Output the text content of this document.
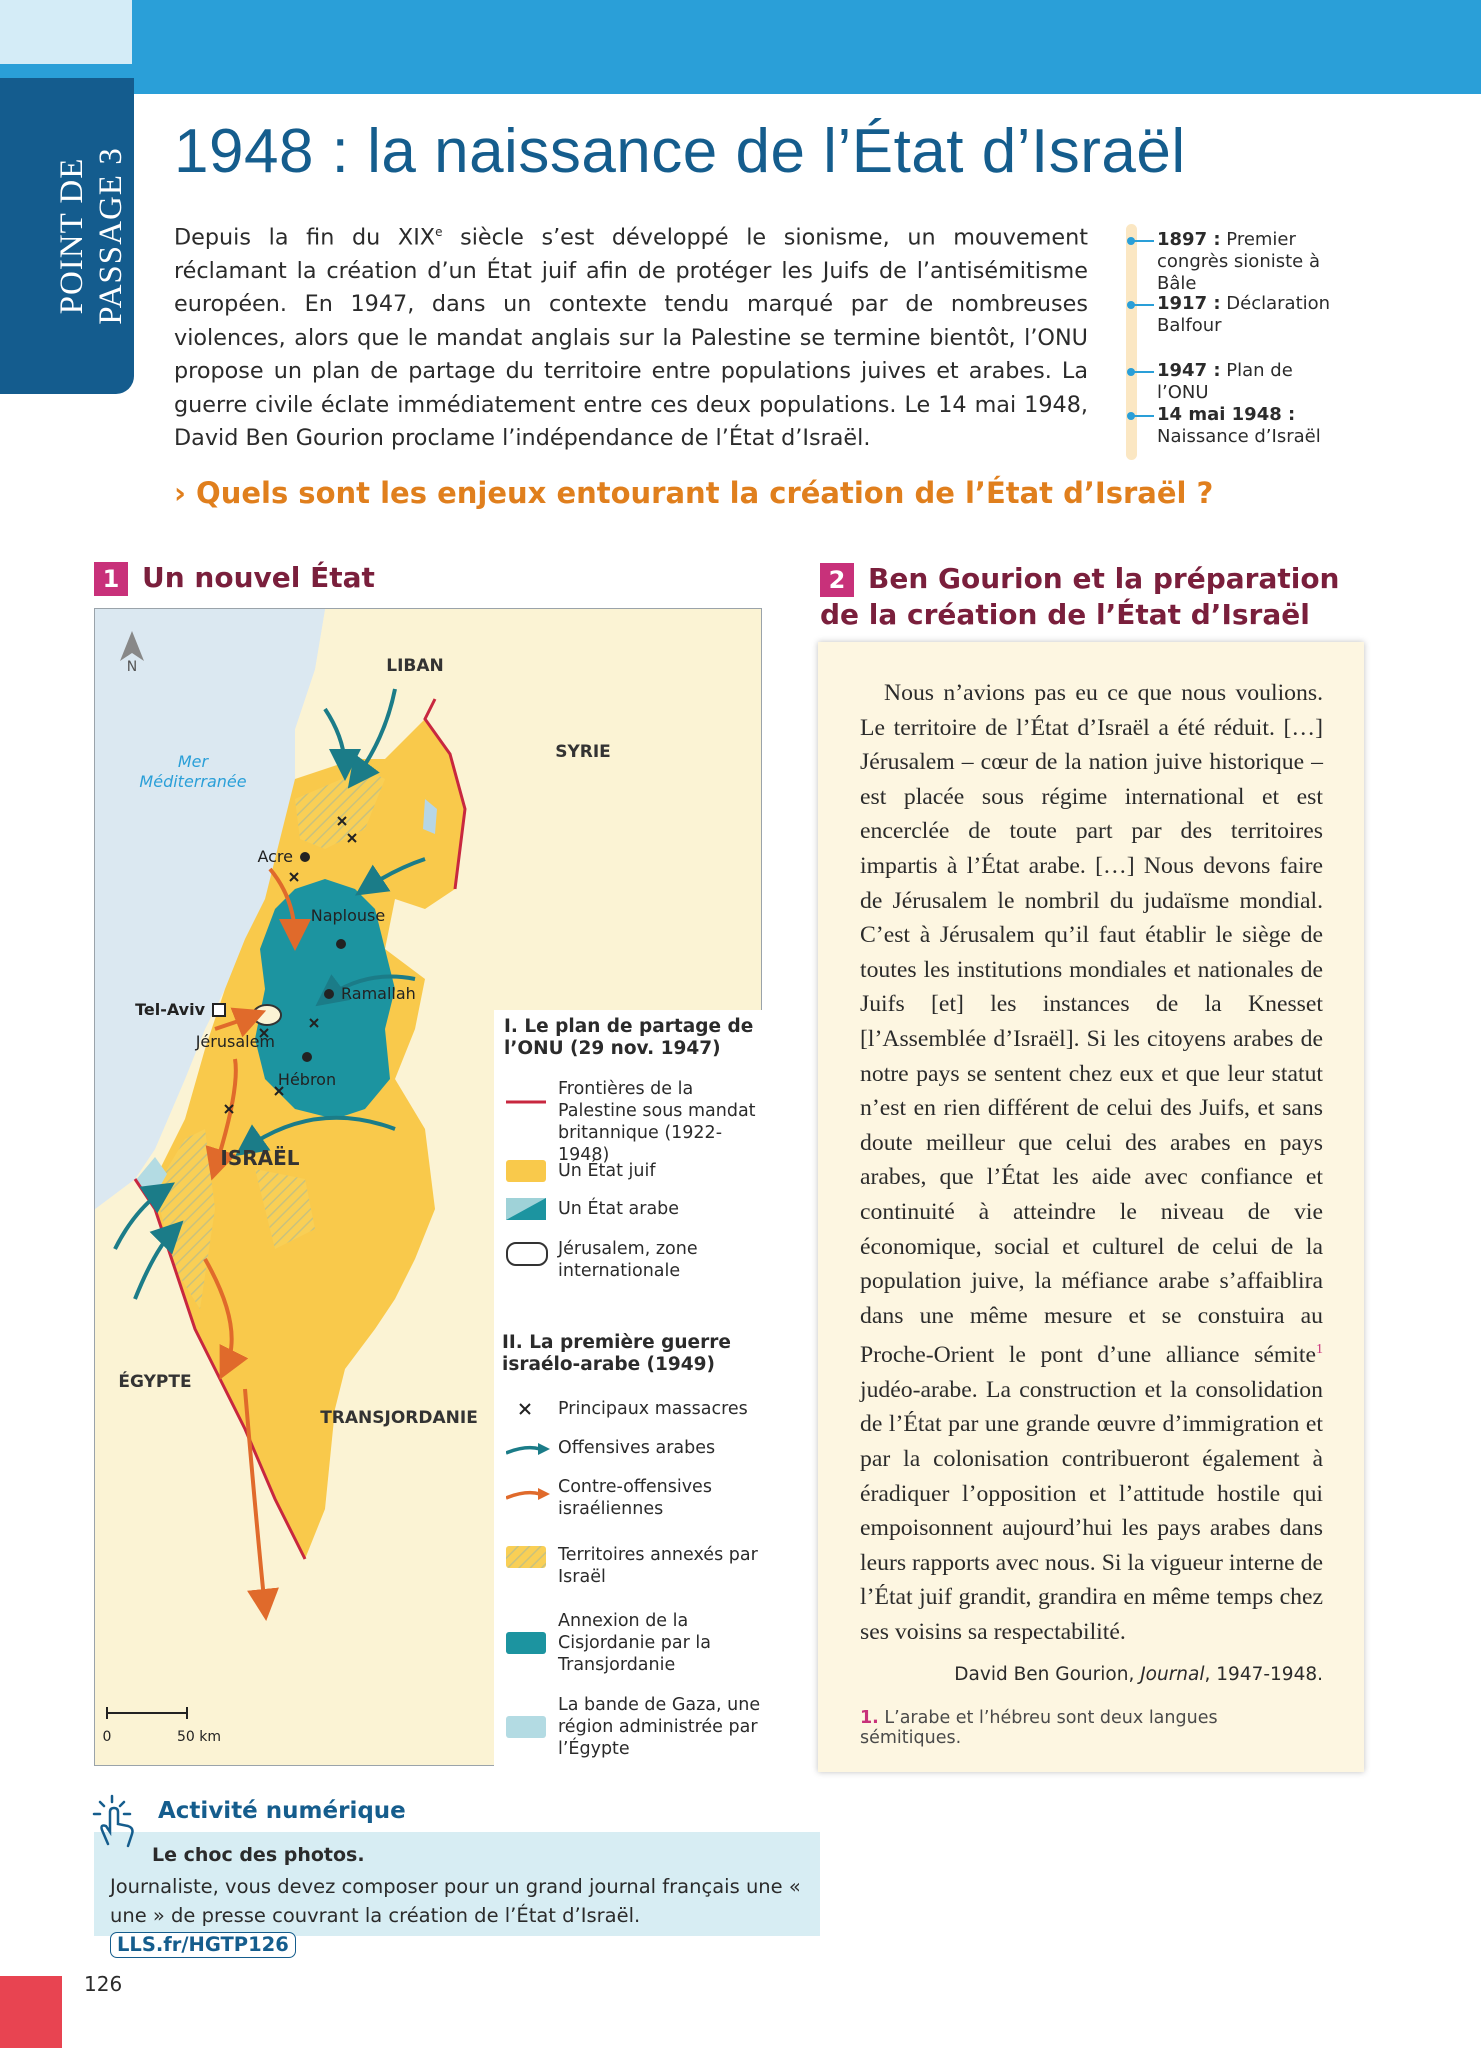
POINT DE PASSAGE 3 1948 : la naissance de l’État d’Israël
Depuis la fin du XIXe siècle s’est développé le sionisme, un mouvement réclamant la création d’un État juif afin de protéger les Juifs de l’antisémitisme européen. En 1947, dans un contexte tendu marqué par de nombreuses violences, alors que le mandat anglais sur la Palestine se termine bientôt, l’ONU propose un plan de partage du territoire entre populations juives et arabes. La guerre civile éclate immédiatement entre ces deux populations. Le 14 mai 1948, David Ben Gourion proclame l’indépendance de l’État d’Israël.
1897 : Premier congrès sioniste à Bâle
1917 : Déclaration Balfour
1947 : Plan de l’ONU
14 mai 1948 : Naissance d’Israël
› Quels sont les enjeux entourant la création de l’État d’Israël ?
1 Un nouvel État	2 Ben Gourion et la préparation
de la création de l’État d’Israël
N	LIBAN
SYRIE
Mer
Méditerranée
Acre
Naplouse
Tel-Aviv
Ramallah
Jérusalem
Hébron
ISRAËL
ÉGYPTE
TRANSJORDANIE
0	50 km
I. Le plan de partage de l’ONU (29 nov. 1947)
Frontières de la Palestine sous mandat britannique (1922-1948)
Un État juif
Un État arabe
Jérusalem, zone internationale
II. La première guerre israélo-arabe (1949)
Principaux massacres
Offensives arabes
Contre-offensives israéliennes
Territoires annexés par Israël
Annexion de la Cisjordanie par la Transjordanie
La bande de Gaza, une région administrée par l’Égypte
Nous n’avions pas eu ce que nous voulions. Le territoire de l’État d’Israël a été réduit. […] Jérusalem – cœur de la nation juive historique – est placée sous régime international et est encerclée de toute part par des territoires impartis à l’État arabe. […] Nous devons faire de Jérusalem le nombril du judaïsme mondial. C’est à Jérusalem qu’il faut établir le siège de toutes les institutions mondiales et nationales de Juifs [et] les instances de la Knesset [l’Assemblée d’Israël]. Si les citoyens arabes de notre pays se sentent chez eux et que leur statut n’est en rien différent de celui des Juifs, et sans doute meilleur que celui des arabes en pays arabes, que l’État les aide avec confiance et continuité à atteindre le niveau de vie économique, social et culturel de celui de la population juive, la méfiance arabe s’affaiblira dans une même mesure et se constuira au Proche-Orient le pont d’une alliance sémite$^1$ judéo-arabe. La construction et la consolidation de l’État par une grande œuvre d’immigration et par la colonisation contribueront également à éradiquer l’opposition et l’attitude hostile qui empoisonnent aujourd’hui les pays arabes dans leurs rapports avec nous. Si la vigueur interne de l’État juif grandit, grandira en même temps chez ses voisins sa respectabilité.
David Ben Gourion, Journal, 1947-1948.
1. L’arabe et l’hébreu sont deux langues sémitiques.
Activité numérique
Le choc des photos.
Journaliste, vous devez composer pour un grand journal français une « une » de presse couvrant la création de l’État d’Israël. LLS.fr/HGTP126
126
